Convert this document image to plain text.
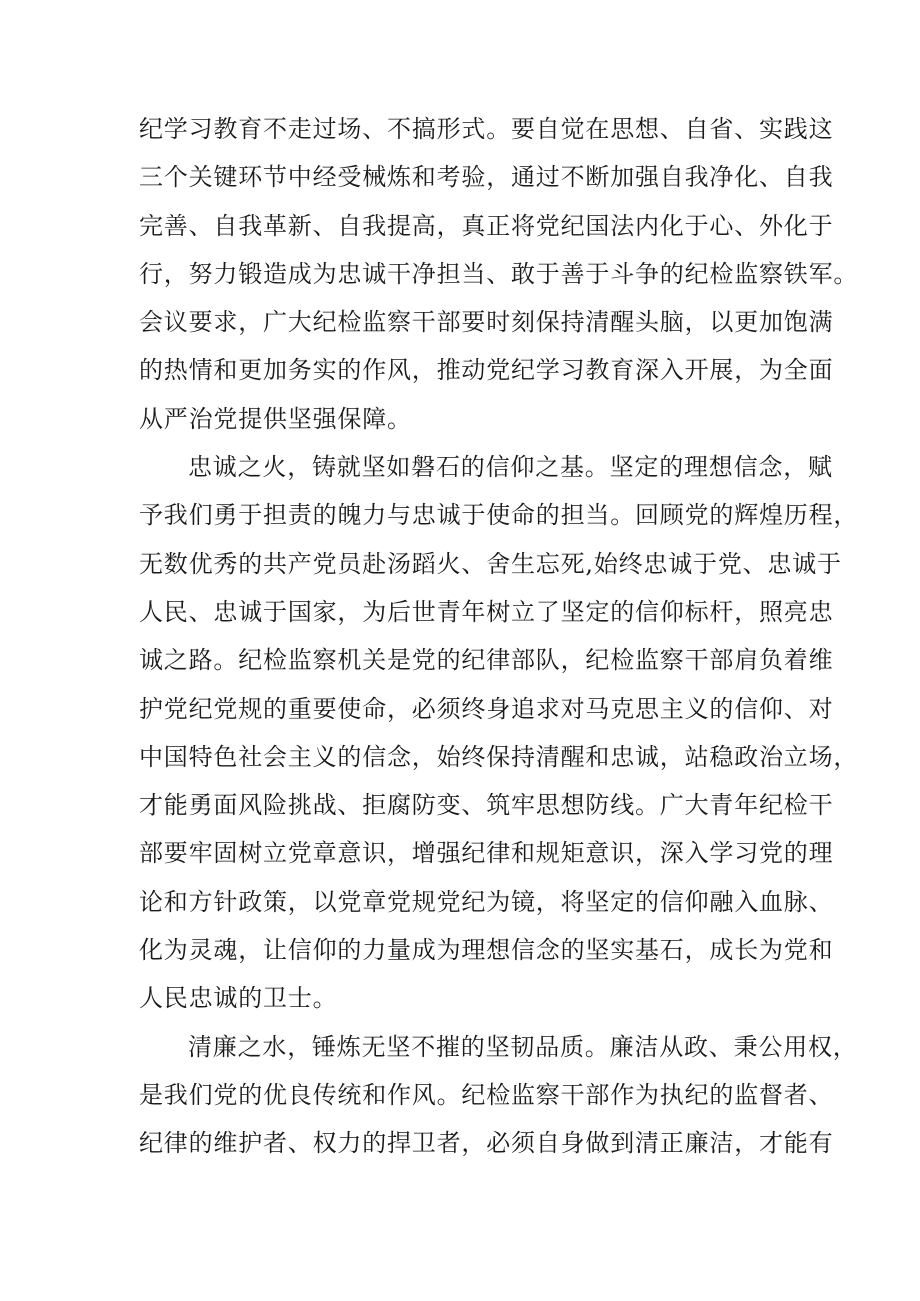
纪学习教育不走过场、不搞形式。要自觉在思想、自省、实践这
三个关键环节中经受械炼和考验，通过不断加强自我净化、自我
完善、自我革新、自我提高，真正将党纪国法内化于心、外化于
行，努力锻造成为忠诚干净担当、敢于善于斗争的纪检监察铁军。
会议要求，广大纪检监察干部要时刻保持清醒头脑，以更加饱满
的热情和更加务实的作风，推动党纪学习教育深入开展，为全面
从严治党提供坚强保障。
忠诚之火，铸就坚如磐石的信仰之基。坚定的理想信念，赋
予我们勇于担责的魄力与忠诚于使命的担当。回顾党的辉煌历程，
无数优秀的共产党员赴汤蹈火、舍生忘死,始终忠诚于党、忠诚于
人民、忠诚于国家，为后世青年树立了坚定的信仰标杆，照亮忠
诚之路。纪检监察机关是党的纪律部队，纪检监察干部肩负着维
护党纪党规的重要使命，必须终身追求对马克思主义的信仰、对
中国特色社会主义的信念，始终保持清醒和忠诚，站稳政治立场，
才能勇面风险挑战、拒腐防变、筑牢思想防线。广大青年纪检干
部要牢固树立党章意识，增强纪律和规矩意识，深入学习党的理
论和方针政策，以党章党规党纪为镜，将坚定的信仰融入血脉、
化为灵魂，让信仰的力量成为理想信念的坚实基石，成长为党和
人民忠诚的卫士。
清廉之水，锤炼无坚不摧的坚韧品质。廉洁从政、秉公用权，
是我们党的优良传统和作风。纪检监察干部作为执纪的监督者、
纪律的维护者、权力的捍卫者，必须自身做到清正廉洁，才能有
